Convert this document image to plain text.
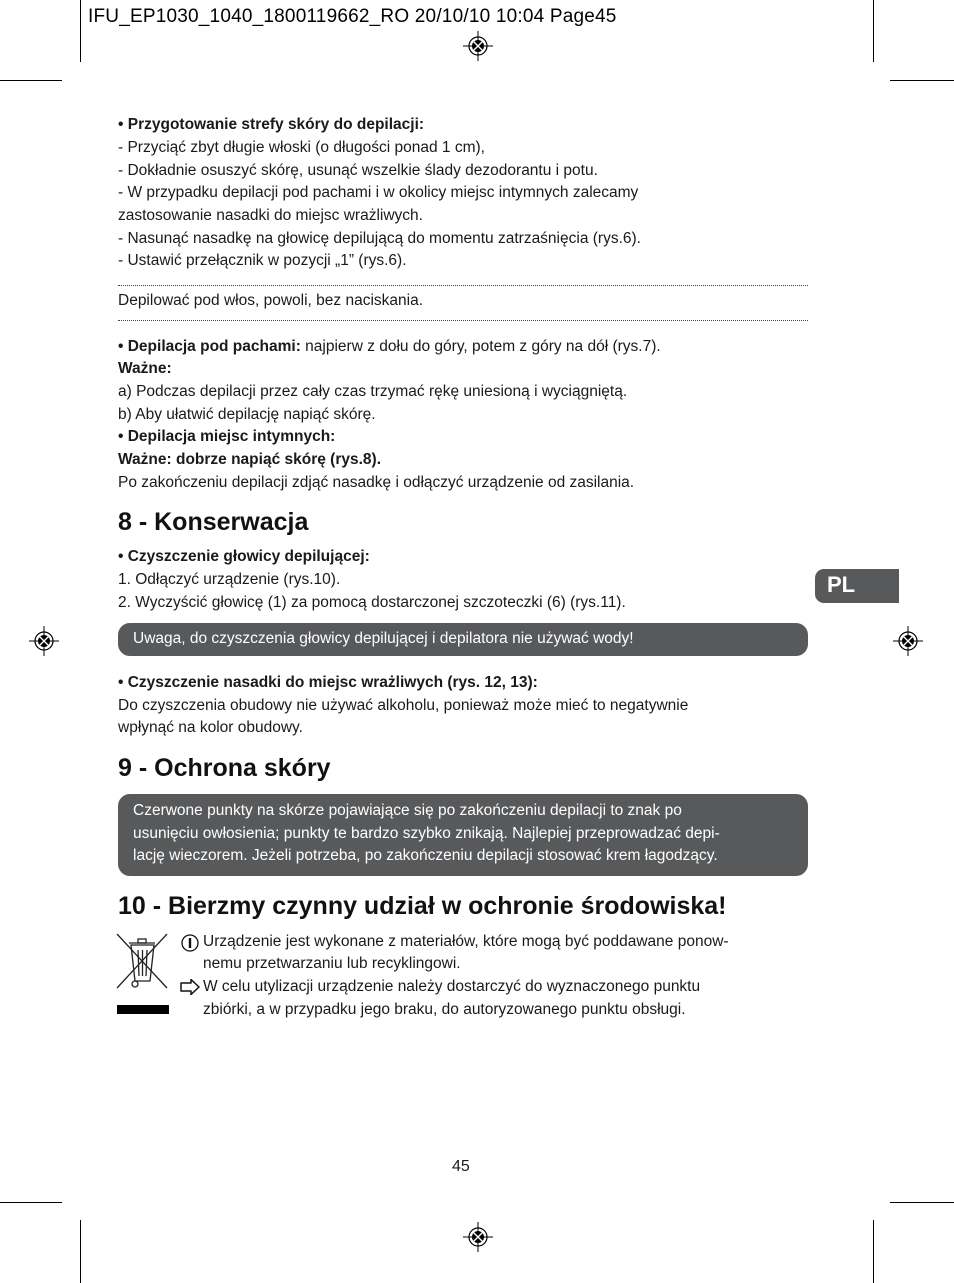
IFU_EP1030_1040_1800119662_RO 20/10/10 10:04 Page45
• Przygotowanie strefy skóry do depilacji:
- Przyciąć zbyt długie włoski (o długości ponad 1 cm),
- Dokładnie osuszyć skórę, usunąć wszelkie ślady dezodorantu i potu.
- W przypadku depilacji pod pachami i w okolicy miejsc intymnych zalecamy
zastosowanie nasadki do miejsc wrażliwych.
- Nasunąć nasadkę na głowicę depilującą do momentu zatrzaśnięcia (rys.6).
- Ustawić przełącznik w pozycji „1” (rys.6).
Depilować pod włos, powoli, bez naciskania.
• Depilacja pod pachami: najpierw z dołu do góry, potem z góry na dół (rys.7).
Ważne:
a) Podczas depilacji przez cały czas trzymać rękę uniesioną i wyciągniętą.
b) Aby ułatwić depilację napiąć skórę.
• Depilacja miejsc intymnych:
Ważne: dobrze napiąć skórę (rys.8).
Po zakończeniu depilacji zdjąć nasadkę i odłączyć urządzenie od zasilania.
8 - Konserwacja
• Czyszczenie głowicy depilującej:
1. Odłączyć urządzenie (rys.10).
2. Wyczyścić głowicę (1) za pomocą dostarczonej szczoteczki (6) (rys.11).
Uwaga, do czyszczenia głowicy depilującej i depilatora nie używać wody!
• Czyszczenie nasadki do miejsc wrażliwych (rys. 12, 13):
Do czyszczenia obudowy nie używać alkoholu, ponieważ może mieć to negatywnie
wpłynąć na kolor obudowy.
9 - Ochrona skóry
Czerwone punkty na skórze pojawiające się po zakończeniu depilacji to znak po
usunięciu owłosienia; punkty te bardzo szybko znikają. Najlepiej przeprowadzać depi-
lację wieczorem. Jeżeli potrzeba, po zakończeniu depilacji stosować krem łagodzący.
10 - Bierzmy czynny udział w ochronie środowiska!
Urządzenie jest wykonane z materiałów, które mogą być poddawane ponow-
nemu przetwarzaniu lub recyklingowi.
W celu utylizacji urządzenie należy dostarczyć do wyznaczonego punktu
zbiórki, a w przypadku jego braku, do autoryzowanego punktu obsługi.
PL
45
